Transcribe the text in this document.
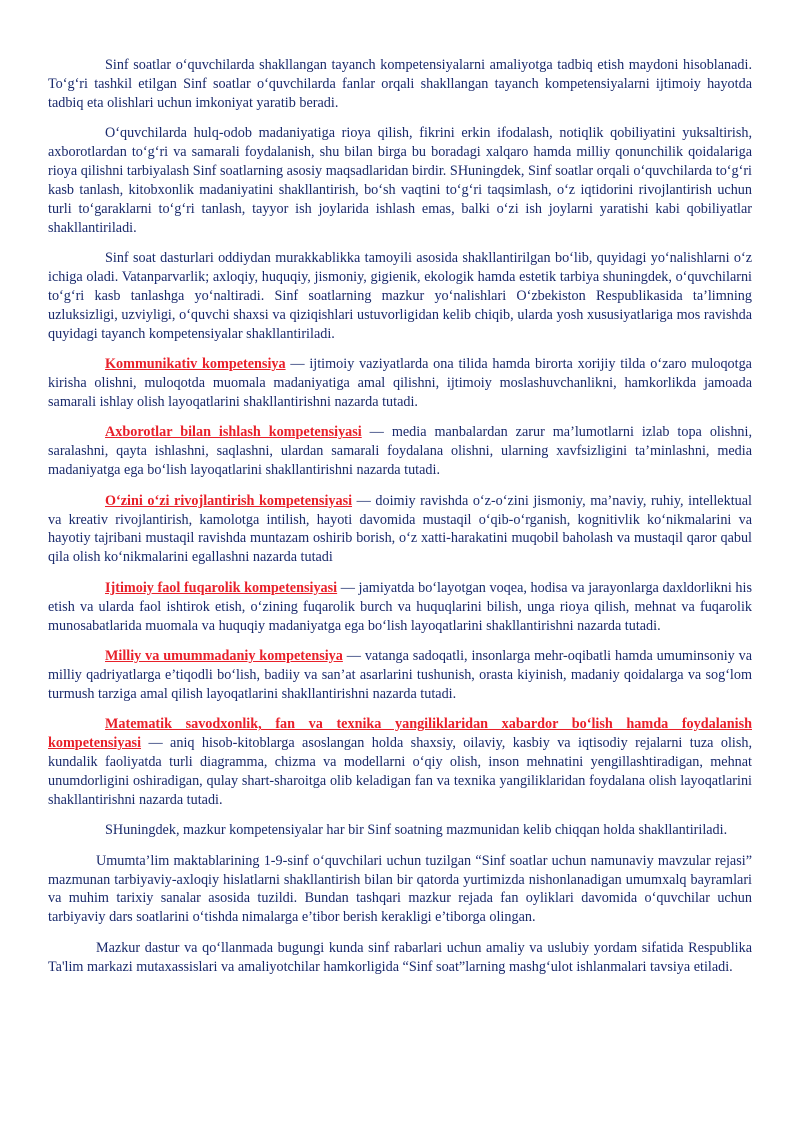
Sinf soatlar o‘quvchilarda shakllangan tayanch kompetensiyalarni amaliyotga tadbiq etish maydoni hisoblanadi. To‘g‘ri tashkil etilgan Sinf soatlar o‘quvchilarda fanlar orqali shakllangan tayanch kompetensiyalarni ijtimoiy hayotda tadbiq eta olishlari uchun imkoniyat yaratib beradi.

O‘quvchilarda hulq-odob madaniyatiga rioya qilish, fikrini erkin ifodalash, notiqlik qobiliyatini yuksaltirish, axborotlardan to‘g‘ri va samarali foydalanish, shu bilan birga bu boradagi xalqaro hamda milliy qonunchilik qoidalariga rioya qilishni tarbiyalash Sinf soatlarning asosiy maqsadlaridan birdir. SHuningdek, Sinf soatlar orqali o‘quvchilarda to‘g‘ri kasb tanlash, kitobxonlik madaniyatini shakllantirish, bo‘sh vaqtini to‘g‘ri taqsimlash, o‘z iqtidorini rivojlantirish uchun turli to‘garaklarni to‘g‘ri tanlash, tayyor ish joylarida ishlash emas, balki o‘zi ish joylarni yaratishi kabi qobiliyatlar shakllantiriladi.

Sinf soat dasturlari oddiydan murakkablikka tamoyili asosida shakllantirilgan bo‘lib, quyidagi yo‘nalishlarni o‘z ichiga oladi. Vatanparvarlik; axloqiy, huquqiy, jismoniy, gigienik, ekologik hamda estetik tarbiya shuningdek, o‘quvchilarni to‘g‘ri kasb tanlashga yo‘naltiradi. Sinf soatlarning mazkur yo‘nalishlari O‘zbekiston Respublikasida ta’limning uzluksizligi, uzviyligi, o‘quvchi shaxsi va qiziqishlari ustuvorligidan kelib chiqib, ularda yosh xususiyatlariga mos ravishda quyidagi tayanch kompetensiyalar shakllantiriladi.

Kommunikativ kompetensiya — ijtimoiy vaziyatlarda ona tilida hamda birorta xorijiy tilda o‘zaro muloqotga kirisha olishni, muloqotda muomala madaniyatiga amal qilishni, ijtimoiy moslashuvchanlikni, hamkorlikda jamoada samarali ishlay olish layoqatlarini shakllantirishni nazarda tutadi.

Axborotlar bilan ishlash kompetensiyasi — media manbalardan zarur ma’lumotlarni izlab topa olishni, saralashni, qayta ishlashni, saqlashni, ulardan samarali foydalana olishni, ularning xavfsizligini ta’minlashni, media madaniyatga ega bo‘lish layoqatlarini shakllantirishni nazarda tutadi.

O‘zini o‘zi rivojlantirish kompetensiyasi — doimiy ravishda o‘z-o‘zini jismoniy, ma’naviy, ruhiy, intellektual va kreativ rivojlantirish, kamolotga intilish, hayoti davomida mustaqil o‘qib-o‘rganish, kognitivlik ko‘nikmalarini va hayotiy tajribani mustaqil ravishda muntazam oshirib borish, o‘z xatti-harakatini muqobil baholash va mustaqil qaror qabul qila olish ko‘nikmalarini egallashni nazarda tutadi

Ijtimoiy faol fuqarolik kompetensiyasi — jamiyatda bo‘layotgan voqea, hodisa va jarayonlarga daxldorlikni his etish va ularda faol ishtirok etish, o‘zining fuqarolik burch va huquqlarini bilish, unga rioya qilish, mehnat va fuqarolik munosabatlarida muomala va huquqiy madaniyatga ega bo‘lish layoqatlarini shakllantirishni nazarda tutadi.

Milliy va umummadaniy kompetensiya — vatanga sadoqatli, insonlarga mehr-oqibatli hamda umuminsoniy va milliy qadriyatlarga e’tiqodli bo‘lish, badiiy va san’at asarlarini tushunish, orasta kiyinish, madaniy qoidalarga va sog‘lom turmush tarziga amal qilish layoqatlarini shakllantirishni nazarda tutadi.

Matematik savodxonlik, fan va texnika yangiliklaridan xabardor bo‘lish hamda foydalanish kompetensiyasi — aniq hisob-kitoblarga asoslangan holda shaxsiy, oilaviy, kasbiy va iqtisodiy rejalarni tuza olish, kundalik faoliyatda turli diagramma, chizma va modellarni o‘qiy olish, inson mehnatini yengillashtiradigan, mehnat unumdorligini oshiradigan, qulay shart-sharoitga olib keladigan fan va texnika yangiliklaridan foydalana olish layoqatlarini shakllantirishni nazarda tutadi.

SHuningdek, mazkur kompetensiyalar har bir Sinf soatning mazmunidan kelib chiqqan holda shakllantiriladi.

Umumta’lim maktablarining 1-9-sinf o‘quvchilari uchun tuzilgan “Sinf soatlar uchun namunaviy mavzular rejasi” mazmunan tarbiyaviy-axloqiy hislatlarni shakllantirish bilan bir qatorda yurtimizda nishonlanadigan umumxalq bayramlari va muhim tarixiy sanalar asosida tuzildi. Bundan tashqari mazkur rejada fan oyliklari davomida o‘quvchilar uchun tarbiyaviy dars soatlarini o‘tishda nimalarga e’tibor berish kerakligi e’tiborga olingan.

Mazkur dastur va qo‘llanmada bugungi kunda sinf rabarlari uchun amaliy va uslubiy yordam sifatida Respublika Ta'lim markazi mutaxassislari va amaliyotchilar hamkorligida “Sinf soat”larning mashg‘ulot ishlanmalari tavsiya etiladi.
